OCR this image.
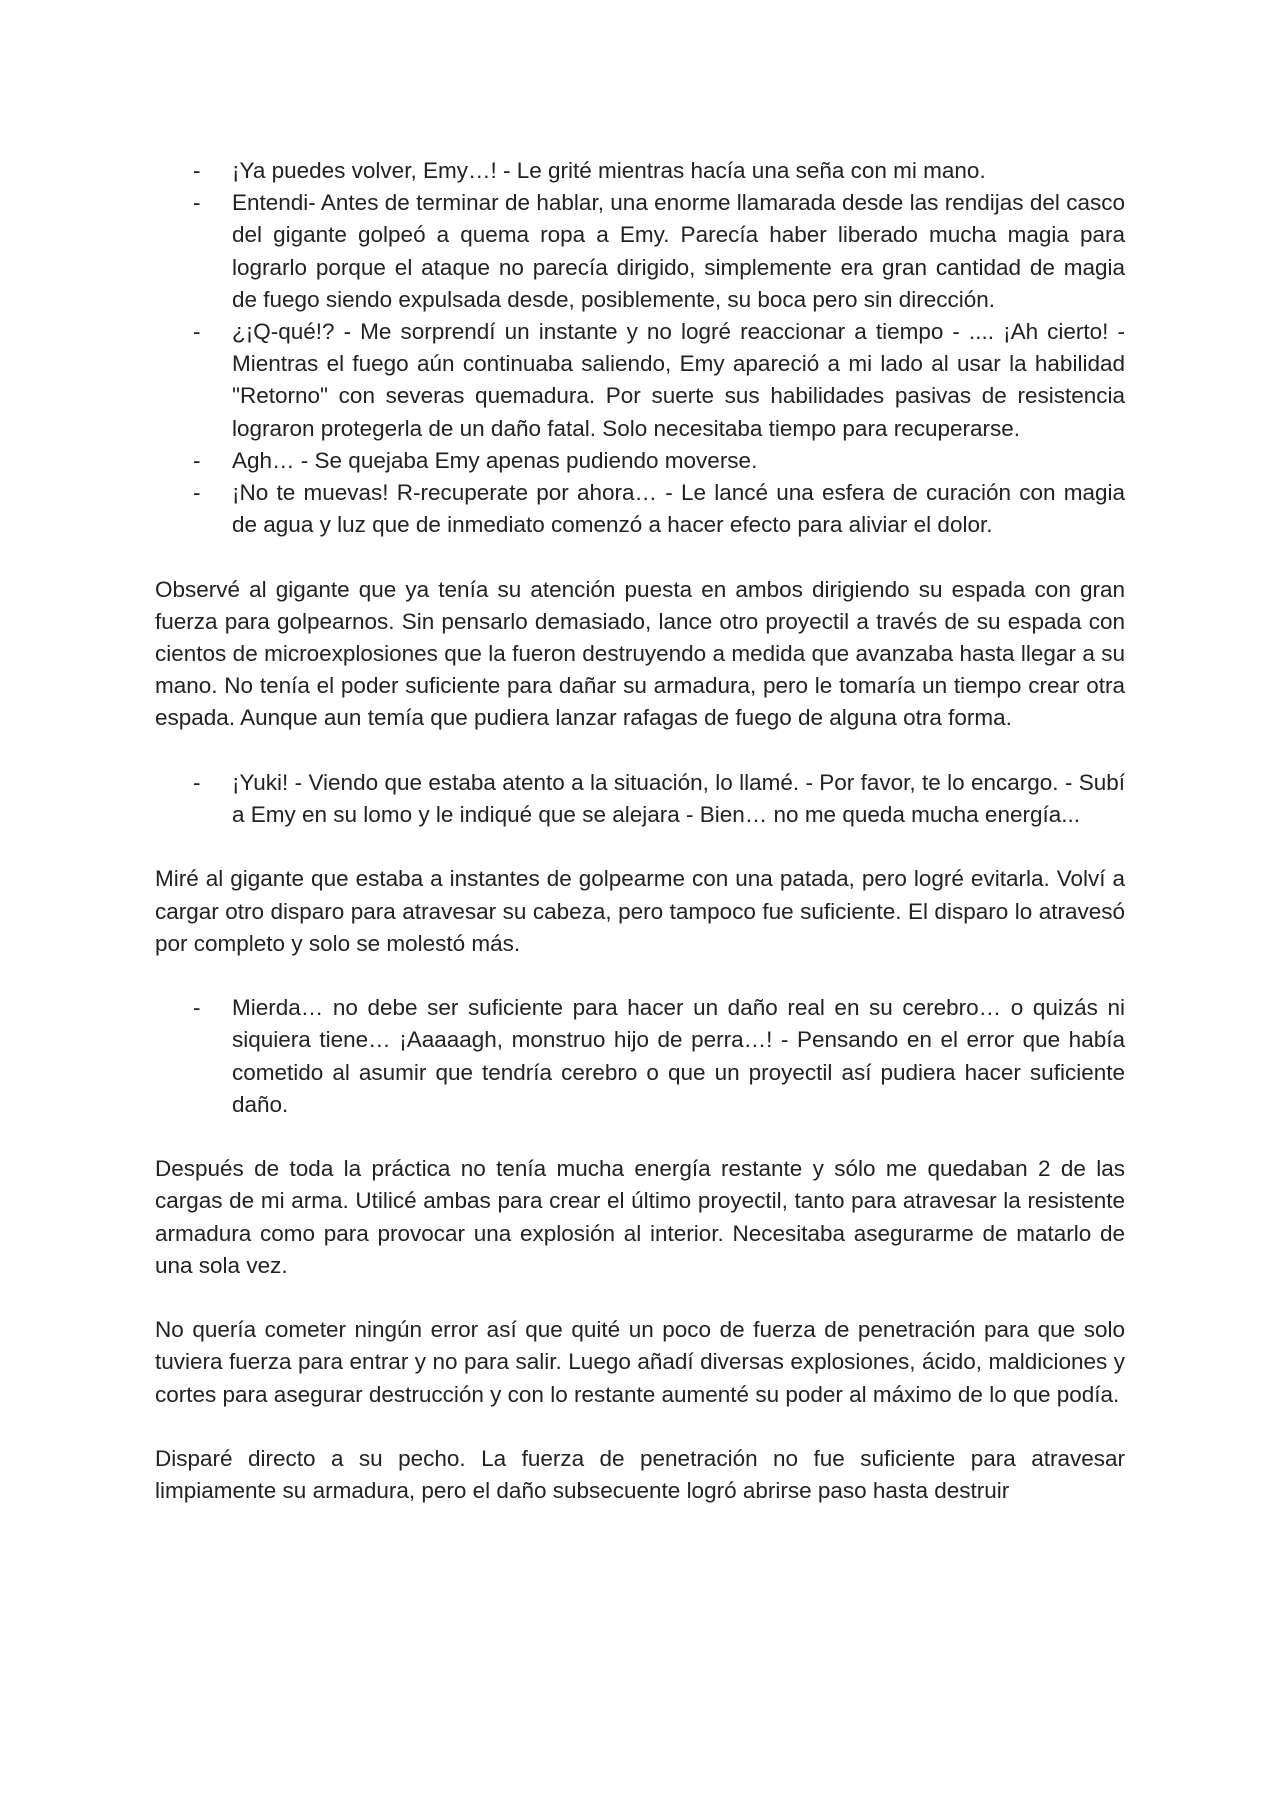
- ¡Ya puedes volver, Emy…! - Le grité mientras hacía una seña con mi mano.
- Entendi- Antes de terminar de hablar, una enorme llamarada desde las rendijas del casco del gigante golpeó a quema ropa a Emy. Parecía haber liberado mucha magia para lograrlo porque el ataque no parecía dirigido, simplemente era gran cantidad de magia de fuego siendo expulsada desde, posiblemente, su boca pero sin dirección.
- ¿¡Q-qué!? - Me sorprendí un instante y no logré reaccionar a tiempo - .... ¡Ah cierto! - Mientras el fuego aún continuaba saliendo, Emy apareció a mi lado al usar la habilidad "Retorno" con severas quemadura. Por suerte sus habilidades pasivas de resistencia lograron protegerla de un daño fatal. Solo necesitaba tiempo para recuperarse.
- Agh… - Se quejaba Emy apenas pudiendo moverse.
- ¡No te muevas! R-recuperate por ahora… - Le lancé una esfera de curación con magia de agua y luz que de inmediato comenzó a hacer efecto para aliviar el dolor.

Observé al gigante que ya tenía su atención puesta en ambos dirigiendo su espada con gran fuerza para golpearnos. Sin pensarlo demasiado, lance otro proyectil a través de su espada con cientos de microexplosiones que la fueron destruyendo a medida que avanzaba hasta llegar a su mano. No tenía el poder suficiente para dañar su armadura, pero le tomaría un tiempo crear otra espada. Aunque aun temía que pudiera lanzar rafagas de fuego de alguna otra forma.

- ¡Yuki! - Viendo que estaba atento a la situación, lo llamé. - Por favor, te lo encargo. - Subí a Emy en su lomo y le indiqué que se alejara - Bien… no me queda mucha energía...

Miré al gigante que estaba a instantes de golpearme con una patada, pero logré evitarla. Volví a cargar otro disparo para atravesar su cabeza, pero tampoco fue suficiente. El disparo lo atravesó por completo y solo se molestó más.

- Mierda… no debe ser suficiente para hacer un daño real en su cerebro… o quizás ni siquiera tiene… ¡Aaaaagh, monstruo hijo de perra…! - Pensando en el error que había cometido al asumir que tendría cerebro o que un proyectil así pudiera hacer suficiente daño.

Después de toda la práctica no tenía mucha energía restante y sólo me quedaban 2 de las cargas de mi arma. Utilicé ambas para crear el último proyectil, tanto para atravesar la resistente armadura como para provocar una explosión al interior. Necesitaba asegurarme de matarlo de una sola vez.

No quería cometer ningún error así que quité un poco de fuerza de penetración para que solo tuviera fuerza para entrar y no para salir. Luego añadí diversas explosiones, ácido, maldiciones y cortes para asegurar destrucción y con lo restante aumenté su poder al máximo de lo que podía.

Disparé directo a su pecho. La fuerza de penetración no fue suficiente para atravesar limpiamente su armadura, pero el daño subsecuente logró abrirse paso hasta destruir
